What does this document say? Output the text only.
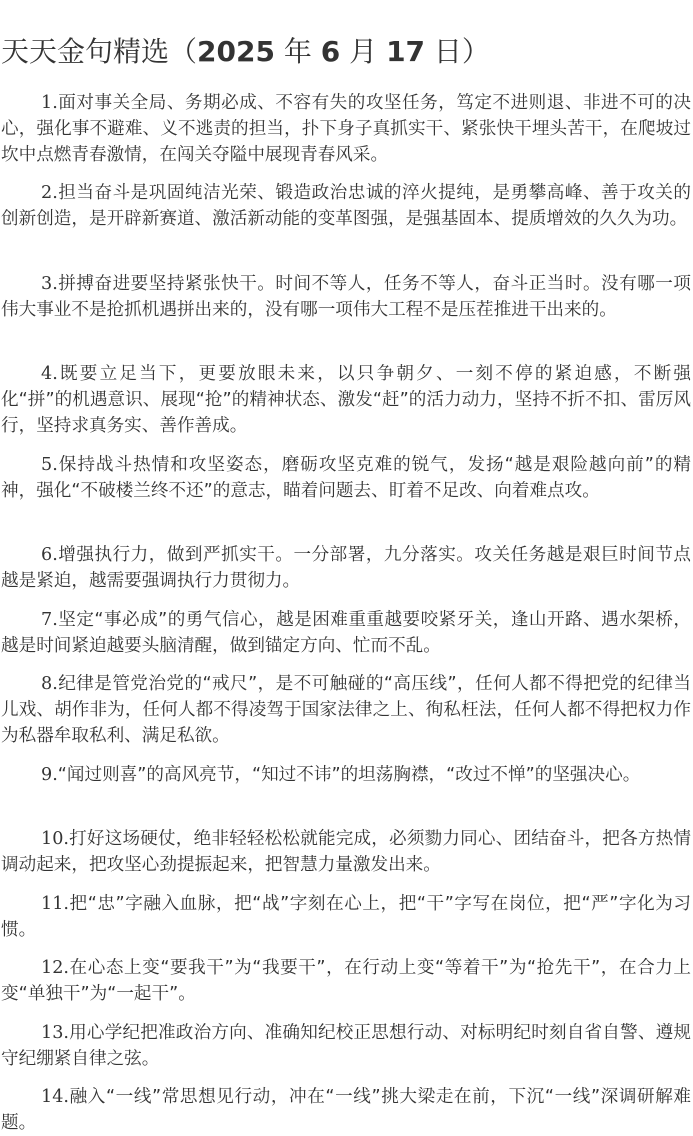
天天金句精选（2025 年 6 月 17 日）

1.面对事关全局、务期必成、不容有失的攻坚任务，笃定不进则退、非进不可的决心，强化事不避难、义不逃责的担当，扑下身子真抓实干、紧张快干埋头苦干，在爬坡过坎中点燃青春激情，在闯关夺隘中展现青春风采。

2.担当奋斗是巩固纯洁光荣、锻造政治忠诚的淬火提纯，是勇攀高峰、善于攻关的创新创造，是开辟新赛道、激活新动能的变革图强，是强基固本、提质增效的久久为功。

3.拼搏奋进要坚持紧张快干。时间不等人，任务不等人，奋斗正当时。没有哪一项伟大事业不是抢抓机遇拼出来的，没有哪一项伟大工程不是压茬推进干出来的。

4.既要立足当下，更要放眼未来，以只争朝夕、一刻不停的紧迫感，不断强化“拼”的机遇意识、展现“抢”的精神状态、激发“赶”的活力动力，坚持不折不扣、雷厉风行，坚持求真务实、善作善成。

5.保持战斗热情和攻坚姿态，磨砺攻坚克难的锐气，发扬“越是艰险越向前”的精神，强化“不破楼兰终不还”的意志，瞄着问题去、盯着不足改、向着难点攻。

6.增强执行力，做到严抓实干。一分部署，九分落实。攻关任务越是艰巨时间节点越是紧迫，越需要强调执行力贯彻力。

7.坚定“事必成”的勇气信心，越是困难重重越要咬紧牙关，逢山开路、遇水架桥，越是时间紧迫越要头脑清醒，做到锚定方向、忙而不乱。

8.纪律是管党治党的“戒尺”，是不可触碰的“高压线”，任何人都不得把党的纪律当儿戏、胡作非为，任何人都不得凌驾于国家法律之上、徇私枉法，任何人都不得把权力作为私器牟取私利、满足私欲。

9.“闻过则喜”的高风亮节，“知过不讳”的坦荡胸襟，“改过不惮”的坚强决心。

10.打好这场硬仗，绝非轻轻松松就能完成，必须勠力同心、团结奋斗，把各方热情调动起来，把攻坚心劲提振起来，把智慧力量激发出来。

11.把“忠”字融入血脉，把“战”字刻在心上，把“干”字写在岗位，把“严”字化为习惯。

12.在心态上变“要我干”为“我要干”，在行动上变“等着干”为“抢先干”，在合力上变“单独干”为“一起干”。

13.用心学纪把准政治方向、准确知纪校正思想行动、对标明纪时刻自省自警、遵规守纪绷紧自律之弦。

14.融入“一线”常思想见行动，冲在“一线”挑大梁走在前，下沉“一线”深调研解难题。
